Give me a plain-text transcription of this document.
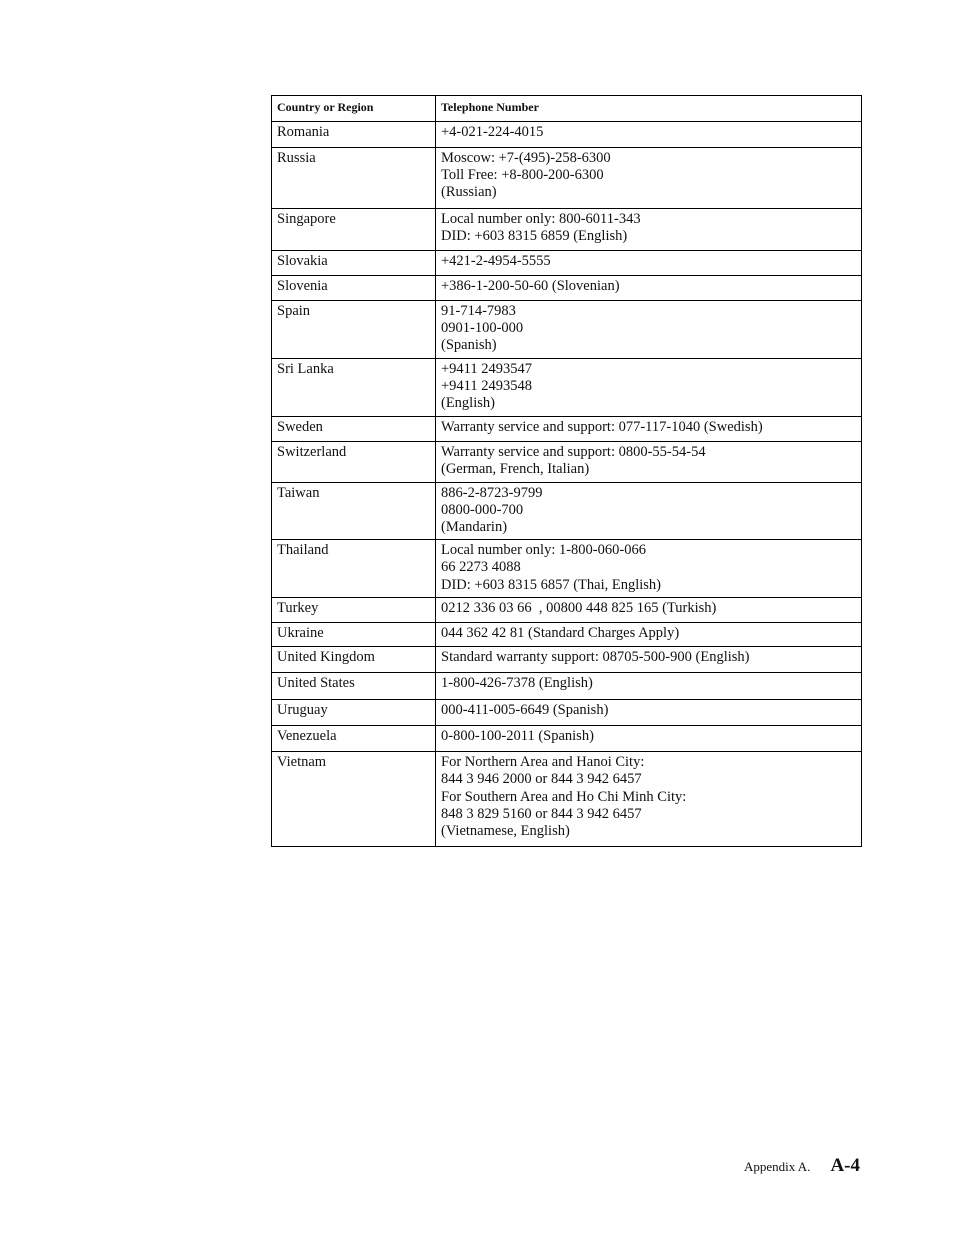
Country or Region	Telephone Number
Romania	+4-021-224-4015

Russia	Moscow: +7-(495)-258-6300
Toll Free: +8-800-200-6300
(Russian)

Singapore	Local number only: 800-6011-343
DID: +603 8315 6859 (English)

Slovakia	+421-2-4954-5555

Slovenia	+386-1-200-50-60 (Slovenian)

Spain	91-714-7983
0901-100-000
(Spanish)

Sri Lanka	+9411 2493547
+9411 2493548
(English)

Sweden	Warranty service and support: 077-117-1040 (Swedish)

Switzerland	Warranty service and support: 0800-55-54-54
(German, French, Italian)

Taiwan	886-2-8723-9799
0800-000-700
(Mandarin)

Thailand	Local number only: 1-800-060-066
66 2273 4088
DID: +603 8315 6857 (Thai, English)

Turkey	0212 336 03 66  , 00800 448 825 165 (Turkish)

Ukraine	044 362 42 81 (Standard Charges Apply)

United Kingdom	Standard warranty support: 08705-500-900 (English)

United States	1-800-426-7378 (English)

Uruguay	000-411-005-6649 (Spanish)

Venezuela	0-800-100-2011 (Spanish)

Vietnam	For Northern Area and Hanoi City:
844 3 946 2000 or 844 3 942 6457
For Southern Area and Ho Chi Minh City:
848 3 829 5160 or 844 3 942 6457
(Vietnamese, English)
Appendix A. A-4
